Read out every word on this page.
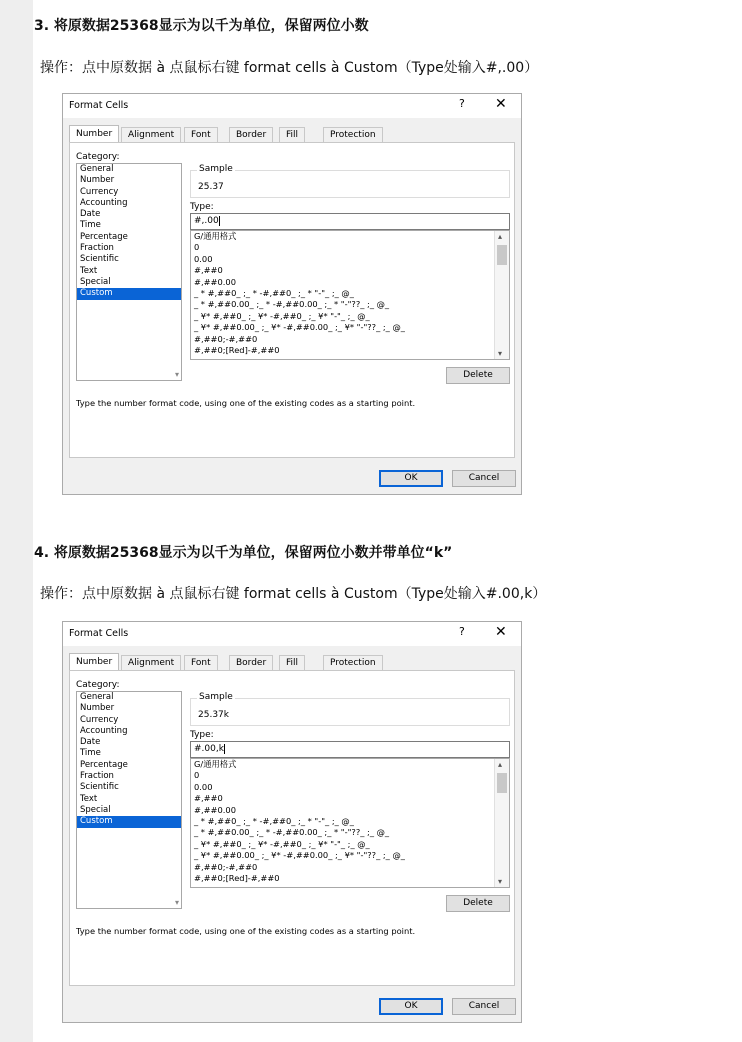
3. 将原数据25368显示为以千为单位，保留两位小数
操作：点中原数据 à 点鼠标右键 format cells à Custom（Type处输入#,.00）
Format Cells	? ✕
Number	Alignment	Font	Border	Fill	Protection
Category:
General
Number
Currency
Accounting
Date
Time
Percentage
Fraction
Scientific
Text
Special
Custom
▾
Sample
25.37
Type:
#,.00
G/通用格式
0
0.00
#,##0
#,##0.00
_ * #,##0_ ;_ * -#,##0_ ;_ * "-"_ ;_ @_
_ * #,##0.00_ ;_ * -#,##0.00_ ;_ * "-"??_ ;_ @_
_ ¥* #,##0_ ;_ ¥* -#,##0_ ;_ ¥* "-"_ ;_ @_
_ ¥* #,##0.00_ ;_ ¥* -#,##0.00_ ;_ ¥* "-"??_ ;_ @_
#,##0;-#,##0
#,##0;[Red]-#,##0
▴
▾
Delete
Type the number format code, using one of the existing codes as a starting point.
OK	Cancel
4. 将原数据25368显示为以千为单位，保留两位小数并带单位“k”
操作：点中原数据 à 点鼠标右键 format cells à Custom（Type处输入#.00,k）
Format Cells	? ✕
Number	Alignment	Font	Border	Fill	Protection
Category:
General
Number
Currency
Accounting
Date
Time
Percentage
Fraction
Scientific
Text
Special
Custom
▾
Sample
25.37k
Type:
#.00,k
G/通用格式
0
0.00
#,##0
#,##0.00
_ * #,##0_ ;_ * -#,##0_ ;_ * "-"_ ;_ @_
_ * #,##0.00_ ;_ * -#,##0.00_ ;_ * "-"??_ ;_ @_
_ ¥* #,##0_ ;_ ¥* -#,##0_ ;_ ¥* "-"_ ;_ @_
_ ¥* #,##0.00_ ;_ ¥* -#,##0.00_ ;_ ¥* "-"??_ ;_ @_
#,##0;-#,##0
#,##0;[Red]-#,##0
▴
▾
Delete
Type the number format code, using one of the existing codes as a starting point.
OK	Cancel
